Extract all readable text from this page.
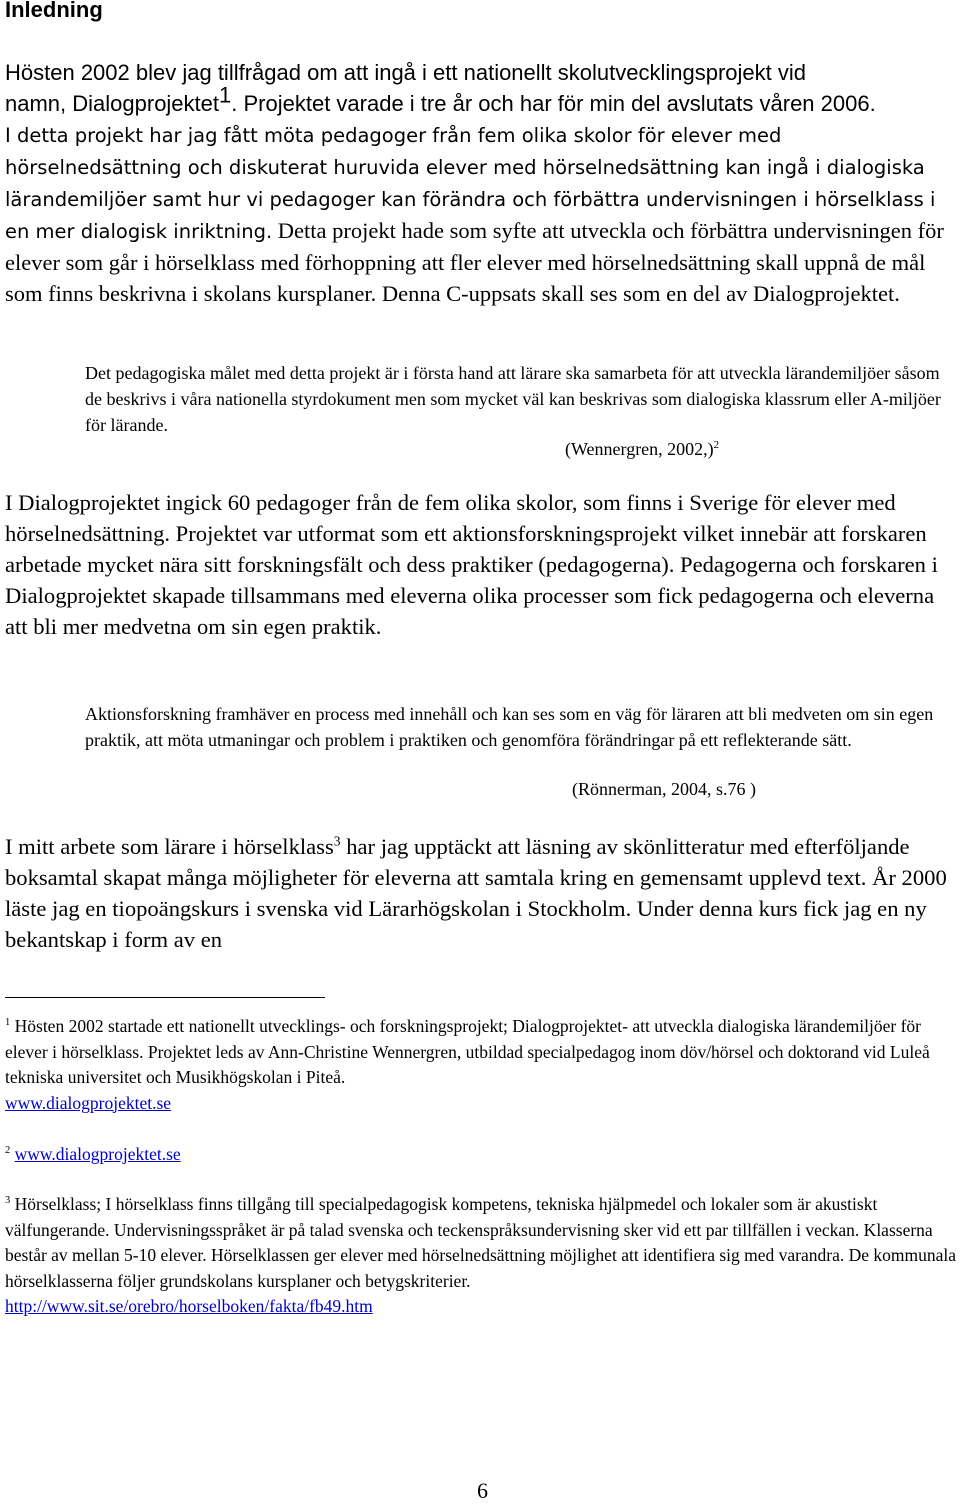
Inledning

Hösten 2002 blev jag tillfrågad om att ingå i ett nationellt skolutvecklingsprojekt vid
namn, Dialogprojektet$^1$. Projektet varade i tre år och har för min del avslutats våren 2006.
I detta projekt har jag fått möta pedagoger från fem olika skolor för elever med hörselnedsättning och diskuterat huruvida elever med hörselnedsättning kan ingå i dialogiska lärandemiljöer samt hur vi pedagoger kan förändra och förbättra undervisningen i hörselklass i en mer dialogisk inriktning. Detta projekt hade som syfte att utveckla och förbättra undervisningen för elever som går i hörselklass med förhoppning att fler elever med hörselnedsättning skall uppnå de mål som finns beskrivna i skolans kursplaner. Denna C-uppsats skall ses som en del av Dialogprojektet.

Det pedagogiska målet med detta projekt är i första hand att lärare ska samarbeta för att utveckla lärandemiljöer såsom de beskrivs i våra nationella styrdokument men som mycket väl kan beskrivas som dialogiska klassrum eller A-miljöer för lärande.

(Wennergren, 2002,)$^2$

I Dialogprojektet ingick 60 pedagoger från de fem olika skolor, som finns i Sverige för elever med hörselnedsättning. Projektet var utformat som ett aktionsforskningsprojekt vilket innebär att forskaren arbetade mycket nära sitt forskningsfält och dess praktiker (pedagogerna). Pedagogerna och forskaren i Dialogprojektet skapade tillsammans med eleverna olika processer som fick pedagogerna och eleverna att bli mer medvetna om sin egen praktik.

Aktionsforskning framhäver en process med innehåll och kan ses som en väg för läraren att bli medveten om sin egen praktik, att möta utmaningar och problem i praktiken och genomföra förändringar på ett reflekterande sätt.

(Rönnerman, 2004, s.76 )

I mitt arbete som lärare i hörselklass$^3$ har jag upptäckt att läsning av skönlitteratur med efterföljande boksamtal skapat många möjligheter för eleverna att samtala kring en gemensamt upplevd text. År 2000 läste jag en tiopoängskurs i svenska vid Lärarhögskolan i Stockholm. Under denna kurs fick jag en ny bekantskap i form av en

$^1$ Hösten 2002 startade ett nationellt utvecklings- och forskningsprojekt; Dialogprojektet- att utveckla dialogiska lärandemiljöer för elever i hörselklass. Projektet leds av Ann-Christine Wennergren, utbildad specialpedagog inom döv/hörsel och doktorand vid Luleå tekniska universitet och Musikhögskolan i Piteå.
www.dialogprojektet.se

$^2$ www.dialogprojektet.se

$^3$ Hörselklass; I hörselklass finns tillgång till specialpedagogisk kompetens, tekniska hjälpmedel och lokaler som är akustiskt välfungerande. Undervisningsspråket är på talad svenska och teckenspråksundervisning sker vid ett par tillfällen i veckan. Klasserna består av mellan 5-10 elever. Hörselklassen ger elever med hörselnedsättning möjlighet att identifiera sig med varandra. De kommunala hörselklasserna följer grundskolans kursplaner och betygskriterier.
http://www.sit.se/orebro/horselboken/fakta/fb49.htm

6
